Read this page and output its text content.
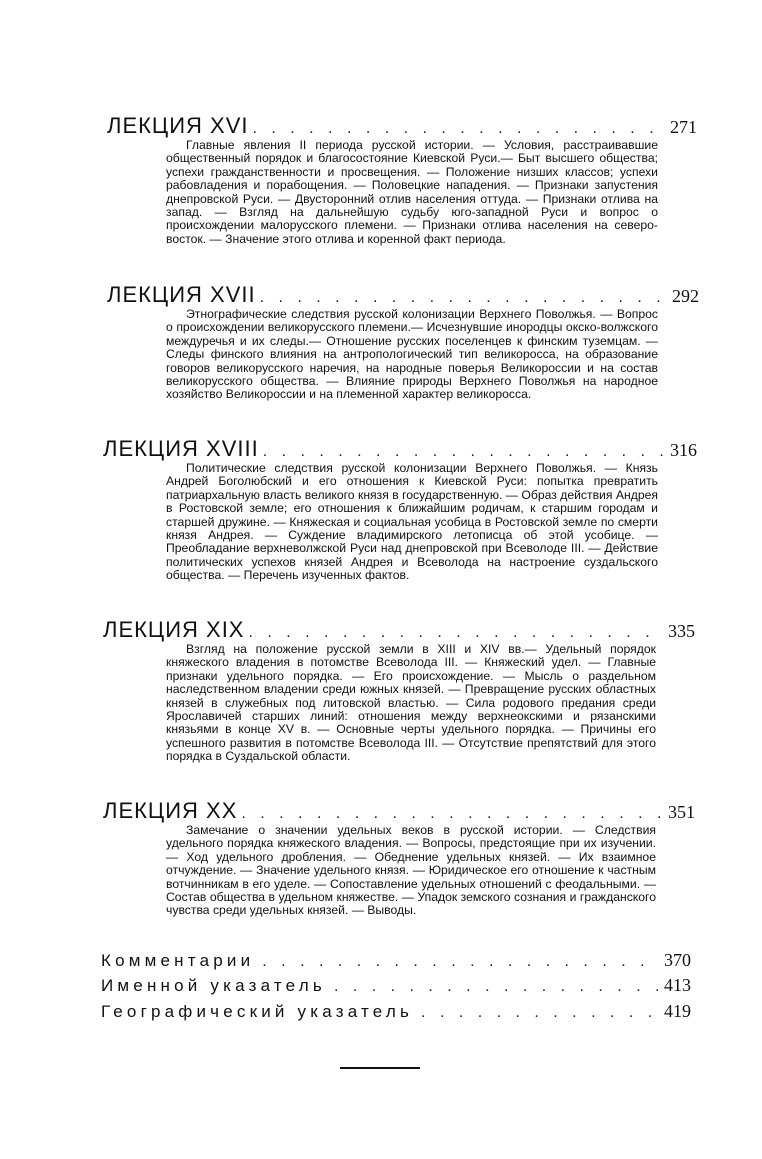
ЛЕКЦИЯ XVI . . .	271

Главные явления II периода русской истории. — Условия, расстраивавшие общественный порядок и благосостояние Киевской Руси.— Быт высшего общества; успехи гражданственности и просвещения. — Положение низших классов; успехи рабовладения и порабощения. — Половецкие нападения. — Признаки запустения днепровской Руси. — Двусторонний отлив населения оттуда. — Признаки отлива на запад. — Взгляд на дальнейшую судьбу юго-западной Руси и вопрос о происхождении малорусского племени. — Признаки отлива населения на северо-восток. — Значение этого отлива и коренной факт периода.

ЛЕКЦИЯ XVII . . .	292

Этнографические следствия русской колонизации Верхнего Поволжья. — Вопрос о происхождении великорусского племени.— Исчезнувшие инородцы окско-волжского междуречья и их следы.— Отношение русских поселенцев к финским туземцам. — Следы финского влияния на антропологический тип великоросса, на образование говоров великорусского наречия, на народные поверья Великороссии и на состав великорусского общества. — Влияние природы Верхнего Поволжья на народное хозяйство Великороссии и на племенной характер великоросса.

ЛЕКЦИЯ XVIII . . .	316

Политические следствия русской колонизации Верхнего Поволжья. — Князь Андрей Боголюбский и его отношения к Киевской Руси: попытка превратить патриархальную власть великого князя в государственную. — Образ действия Андрея в Ростовской земле; его отношения к ближайшим родичам, к старшим городам и старшей дружине. — Княжеская и социальная усобица в Ростовской земле по смерти князя Андрея. — Суждение владимирского летописца об этой усобице. — Преобладание верхневолжской Руси над днепровской при Всеволоде III. — Действие политических успехов князей Андрея и Всеволода на настроение суздальского общества. — Перечень изученных фактов.

ЛЕКЦИЯ XIX . . .	335

Взгляд на положение русской земли в XIII и XIV вв.— Удельный порядок княжеского владения в потомстве Всеволода III. — Княжеский удел. — Главные признаки удельного порядка. — Его происхождение. — Мысль о раздельном наследственном владении среди южных князей. — Превращение русских областных князей в служебных под литовской властью. — Сила родового предания среди Ярославичей старших линий: отношения между верхнеокскими и рязанскими князьями в конце XV в. — Основные черты удельного порядка. — Причины его успешного развития в потомстве Всеволода III. — Отсутствие препятствий для этого порядка в Суздальской области.

ЛЕКЦИЯ XX . . .	351

Замечание о значении удельных веков в русской истории. — Следствия удельного порядка княжеского владения. — Вопросы, предстоящие при их изучении. — Ход удельного дробления. — Обеднение удельных князей. — Их взаимное отчуждение. — Значение удельного князя. — Юридическое его отношение к частным вотчинникам в его уделе. — Сопоставление удельных отношений с феодальными. — Состав общества в удельном княжестве. — Упадок земского сознания и гражданского чувства среди удельных князей. — Выводы.

Комментарии . . .	370
Именной указатель . . .	413
Географический указатель . . .	419
